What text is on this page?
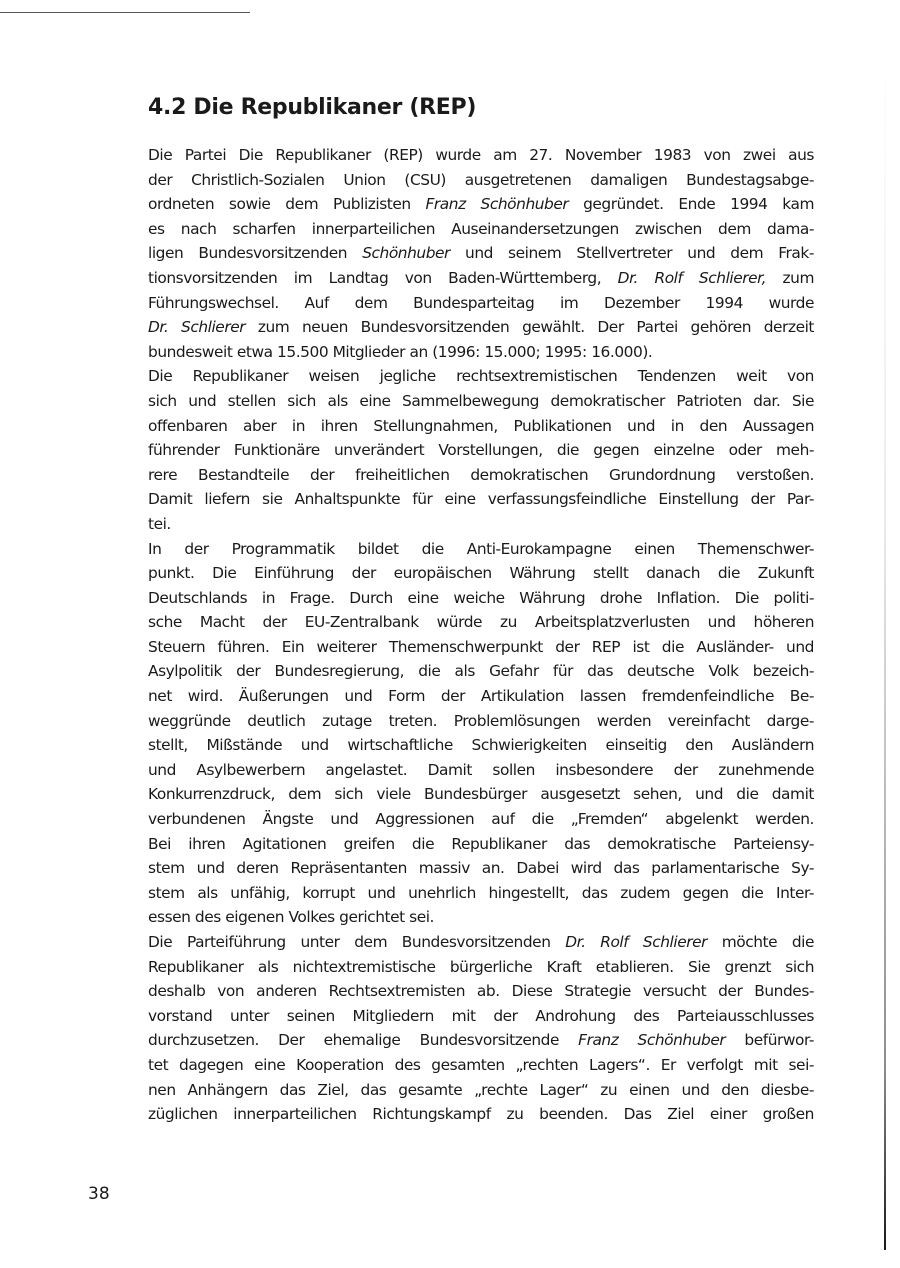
4.2 Die Republikaner (REP)

Die Partei Die Republikaner (REP) wurde am 27. November 1983 von zwei aus
der Christlich-Sozialen Union (CSU) ausgetretenen damaligen Bundestagsabge-
ordneten sowie dem Publizisten Franz Schönhuber gegründet. Ende 1994 kam
es nach scharfen innerparteilichen Auseinandersetzungen zwischen dem dama-
ligen Bundesvorsitzenden Schönhuber und seinem Stellvertreter und dem Frak-
tionsvorsitzenden im Landtag von Baden-Württemberg, Dr. Rolf Schlierer, zum
Führungswechsel. Auf dem Bundesparteitag im Dezember 1994 wurde
Dr. Schlierer zum neuen Bundesvorsitzenden gewählt. Der Partei gehören derzeit
bundesweit etwa 15.500 Mitglieder an (1996: 15.000; 1995: 16.000).

Die Republikaner weisen jegliche rechtsextremistischen Tendenzen weit von
sich und stellen sich als eine Sammelbewegung demokratischer Patrioten dar. Sie
offenbaren aber in ihren Stellungnahmen, Publikationen und in den Aussagen
führender Funktionäre unverändert Vorstellungen, die gegen einzelne oder meh-
rere Bestandteile der freiheitlichen demokratischen Grundordnung verstoßen.
Damit liefern sie Anhaltspunkte für eine verfassungsfeindliche Einstellung der Par-
tei.

In der Programmatik bildet die Anti-Eurokampagne einen Themenschwer-
punkt. Die Einführung der europäischen Währung stellt danach die Zukunft
Deutschlands in Frage. Durch eine weiche Währung drohe Inflation. Die politi-
sche Macht der EU-Zentralbank würde zu Arbeitsplatzverlusten und höheren
Steuern führen. Ein weiterer Themenschwerpunkt der REP ist die Ausländer- und
Asylpolitik der Bundesregierung, die als Gefahr für das deutsche Volk bezeich-
net wird. Äußerungen und Form der Artikulation lassen fremdenfeindliche Be-
weggründe deutlich zutage treten. Problemlösungen werden vereinfacht darge-
stellt, Mißstände und wirtschaftliche Schwierigkeiten einseitig den Ausländern
und Asylbewerbern angelastet. Damit sollen insbesondere der zunehmende
Konkurrenzdruck, dem sich viele Bundesbürger ausgesetzt sehen, und die damit
verbundenen Ängste und Aggressionen auf die „Fremden“ abgelenkt werden.
Bei ihren Agitationen greifen die Republikaner das demokratische Parteiensy-
stem und deren Repräsentanten massiv an. Dabei wird das parlamentarische Sy-
stem als unfähig, korrupt und unehrlich hingestellt, das zudem gegen die Inter-
essen des eigenen Volkes gerichtet sei.

Die Parteiführung unter dem Bundesvorsitzenden Dr. Rolf Schlierer möchte die
Republikaner als nichtextremistische bürgerliche Kraft etablieren. Sie grenzt sich
deshalb von anderen Rechtsextremisten ab. Diese Strategie versucht der Bundes-
vorstand unter seinen Mitgliedern mit der Androhung des Parteiausschlusses
durchzusetzen. Der ehemalige Bundesvorsitzende Franz Schönhuber befürwor-
tet dagegen eine Kooperation des gesamten „rechten Lagers“. Er verfolgt mit sei-
nen Anhängern das Ziel, das gesamte „rechte Lager“ zu einen und den diesbe-
züglichen innerparteilichen Richtungskampf zu beenden. Das Ziel einer großen

38
